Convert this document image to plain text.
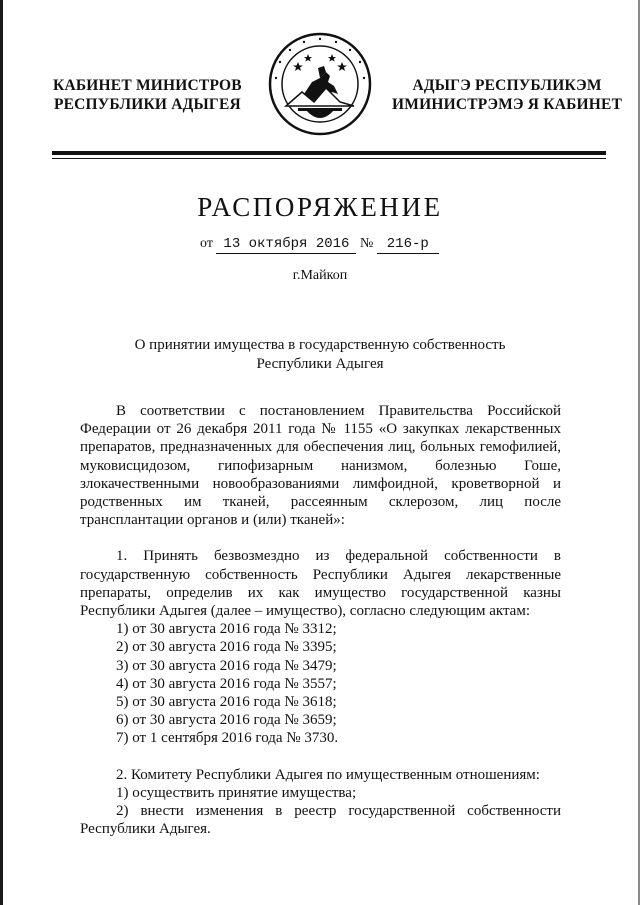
КАБИНЕТ МИНИСТРОВ
РЕСПУБЛИКИ АДЫГЕЯ
АДЫГЭ РЕСПУБЛИКЭМ
ИМИНИСТРЭМЭ Я КАБИНЕТ
РАСПОРЯЖЕНИЕ
от 13 октября 2016 № 216-р
г.Майкоп
О принятии имущества в государственную собственность
Республики Адыгея

В соответствии с постановлением Правительства Российской Федерации от 26 декабря 2011 года № 1155 «О закупках лекарственных препаратов, предназначенных для обеспечения лиц, больных гемофилией, муковисцидозом, гипофизарным нанизмом, болезнью Гоше, злокачественными новообразованиями лимфоидной, кроветворной и родственных им тканей, рассеянным склерозом, лиц после трансплантации органов и (или) тканей»:

1. Принять безвозмездно из федеральной собственности в государственную собственность Республики Адыгея лекарственные препараты, определив их как имущество государственной казны Республики Адыгея (далее – имущество), согласно следующим актам:

1) от 30 августа 2016 года № 3312;
2) от 30 августа 2016 года № 3395;
3) от 30 августа 2016 года № 3479;
4) от 30 августа 2016 года № 3557;
5) от 30 августа 2016 года № 3618;
6) от 30 августа 2016 года № 3659;
7) от 1 сентября 2016 года № 3730.

2. Комитету Республики Адыгея по имущественным отношениям:

1) осуществить принятие имущества;

2) внести изменения в реестр государственной собственности Республики Адыгея.
